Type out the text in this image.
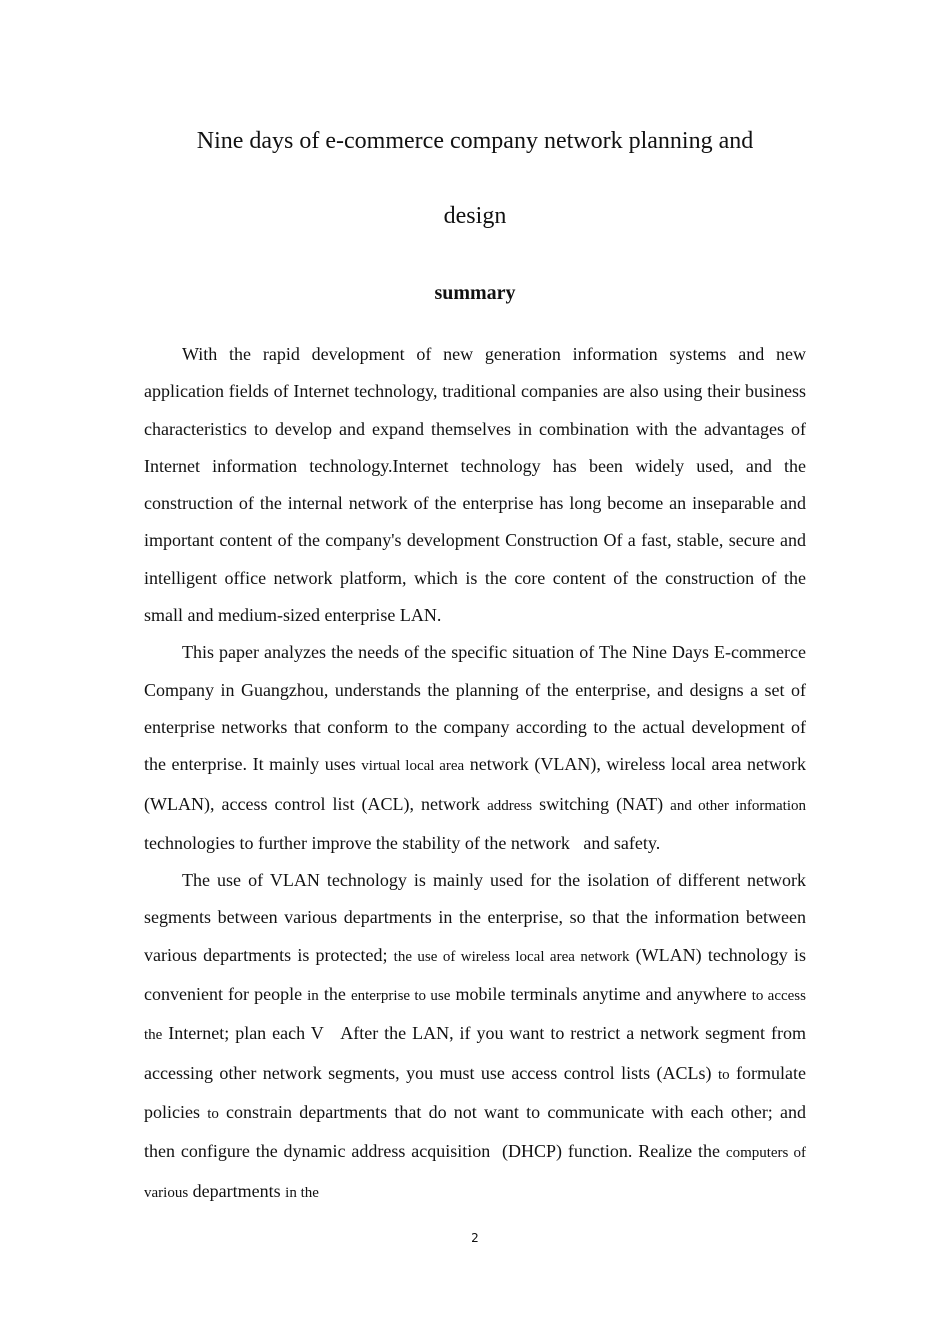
Nine days of e-commerce company network planning and
design
summary

With the rapid development of new generation information systems and new application fields of Internet technology, traditional companies are also using their business characteristics to develop and expand themselves in combination with the advantages of Internet information technology.Internet technology has been widely used, and the construction of the internal network of the enterprise has long become an inseparable and important content of the company's development Construction Of a fast, stable, secure and intelligent office network platform, which is the core content of the construction of the small and medium-sized enterprise LAN.

This paper analyzes the needs of the specific situation of The Nine Days E-commerce Company in Guangzhou, understands the planning of the enterprise, and designs a set of enterprise networks that conform to the company according to the actual development of the enterprise. It mainly uses virtual local area network (VLAN), wireless local area network (WLAN), access control list (ACL), network address switching (NAT) and other information technologies to further improve the stability of the network   and safety.

The use of VLAN technology is mainly used for the isolation of different network segments between various departments in the enterprise, so that the information between various departments is protected; the use of wireless local area network (WLAN) technology is convenient for people in the enterprise to use mobile terminals anytime and anywhere to access the Internet; plan each V   After the LAN, if you want to restrict a network segment from accessing other network segments, you must use access control lists (ACLs) to formulate policies to constrain departments that do not want to communicate with each other; and then configure the dynamic address acquisition  (DHCP) function. Realize the computers of various departments in the

2
